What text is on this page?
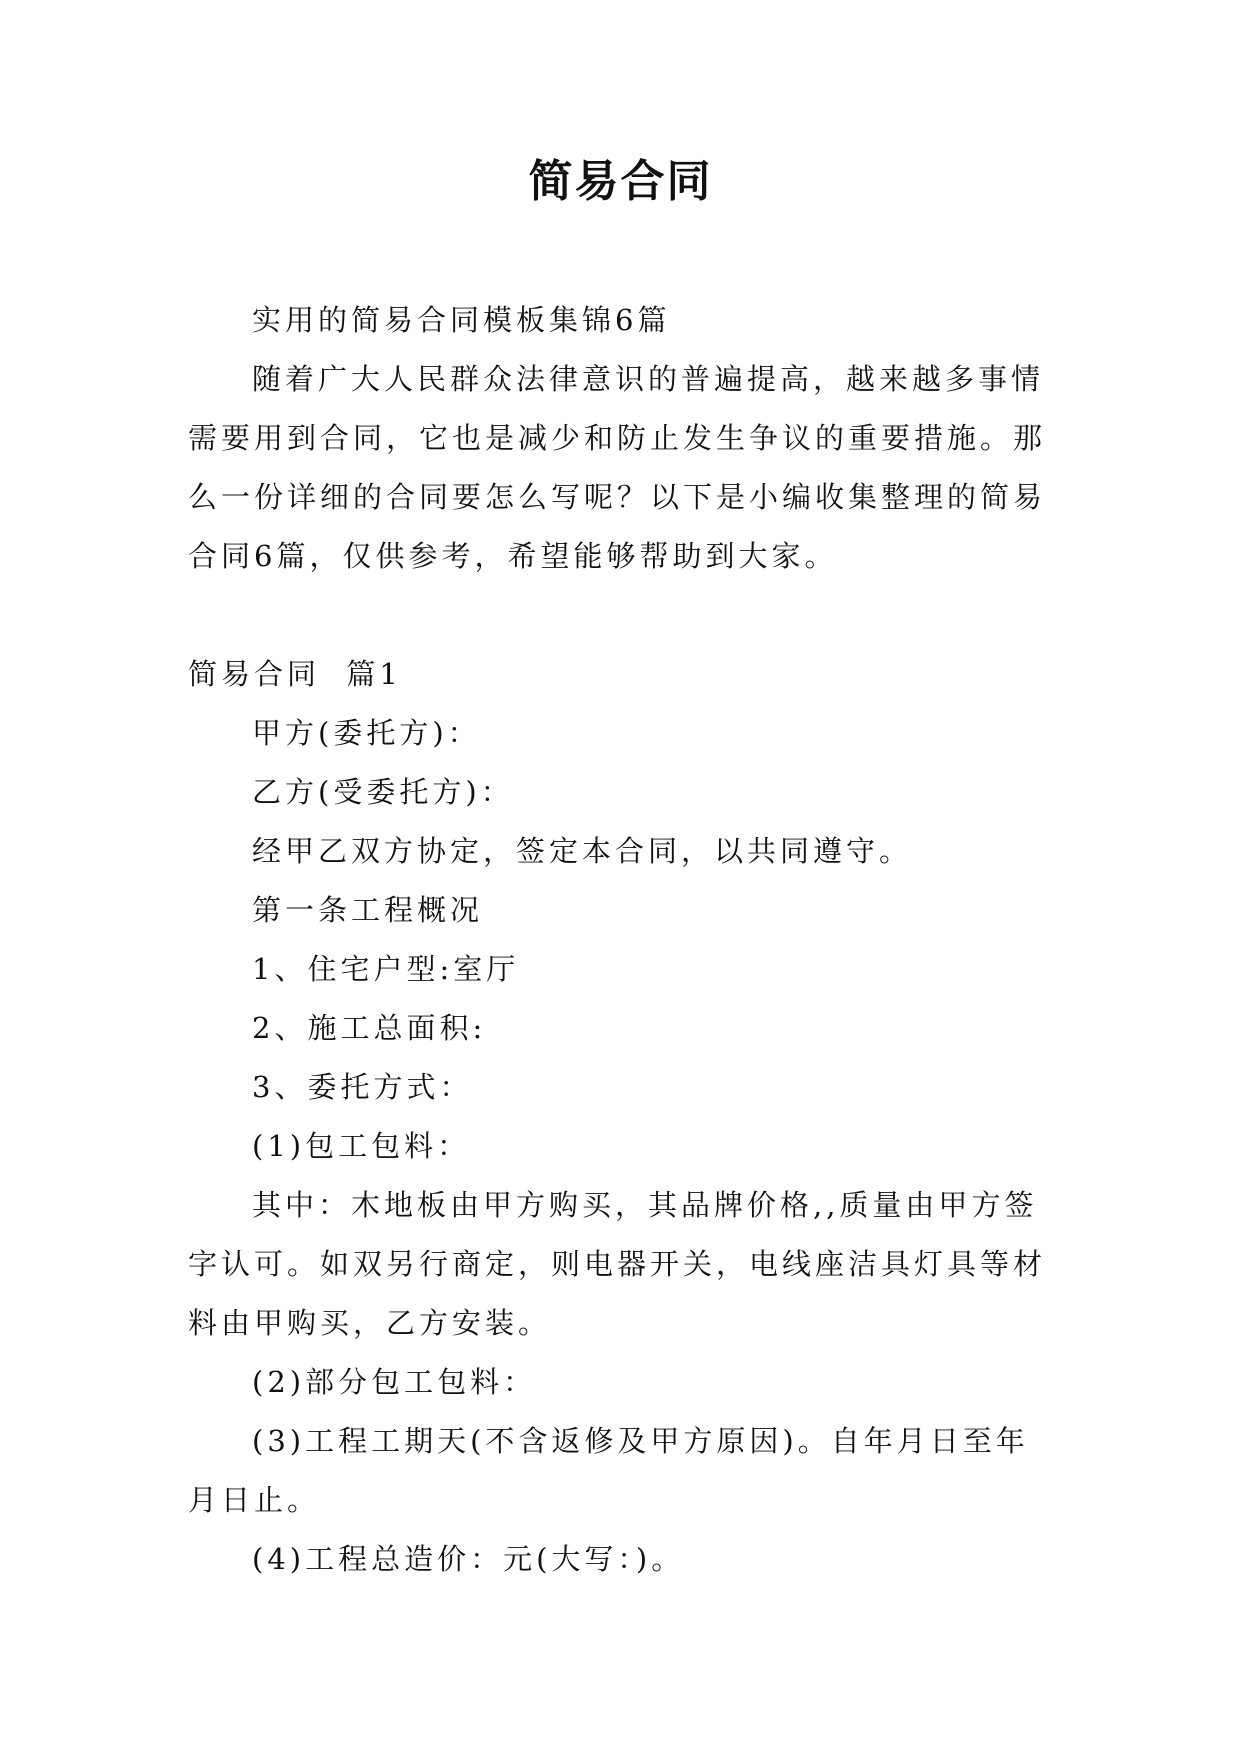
简易合同

实用的简易合同模板集锦6篇

随着广大人民群众法律意识的普遍提高，越来越多事情需要用到合同，它也是减少和防止发生争议的重要措施。那么一份详细的合同要怎么写呢？以下是小编收集整理的简易合同6篇，仅供参考，希望能够帮助到大家。

简易合同  篇1

甲方(委托方)：

乙方(受委托方)：

经甲乙双方协定，签定本合同，以共同遵守。

第一条工程概况

1、住宅户型:室厅

2、施工总面积:

3、委托方式：

(1)包工包料：

其中：木地板由甲方购买，其品牌价格,,质量由甲方签字认可。如双另行商定，则电器开关，电线座洁具灯具等材料由甲购买，乙方安装。

(2)部分包工包料：

(3)工程工期天(不含返修及甲方原因)。自年月日至年月日止。

(4)工程总造价：元(大写：)。
